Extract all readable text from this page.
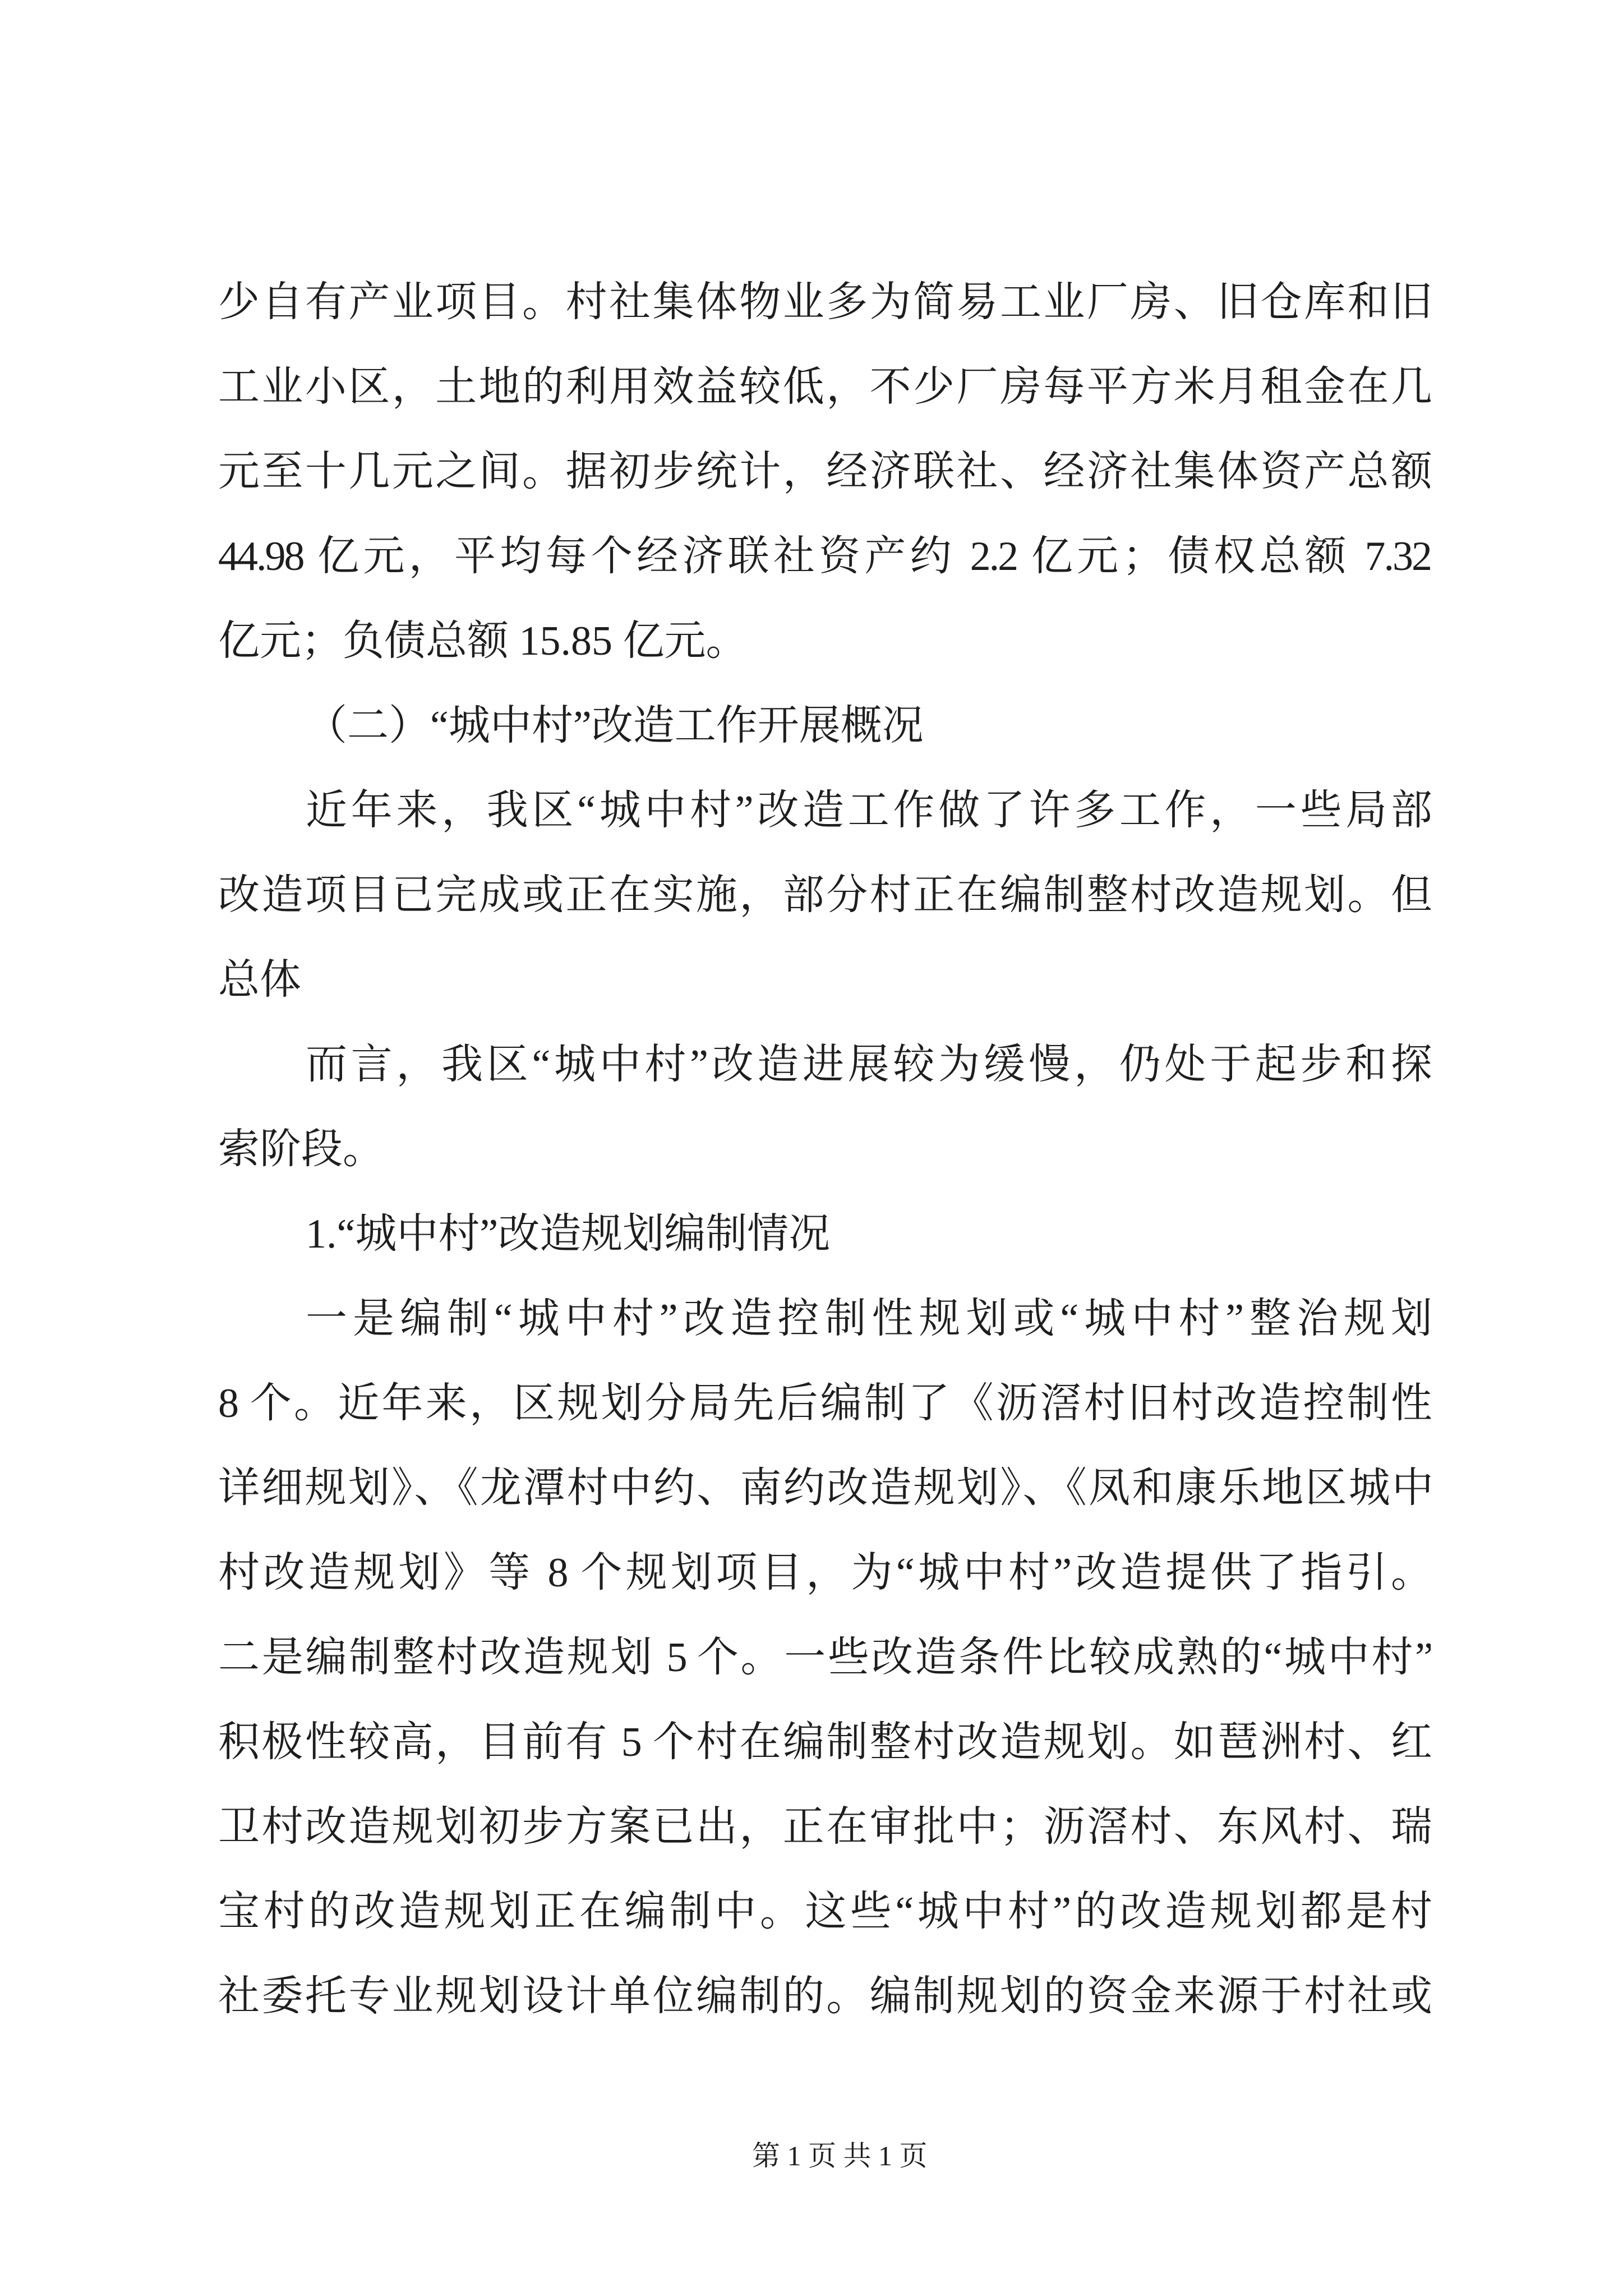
少自有产业项目。村社集体物业多为简易工业厂房、旧仓库和旧
工业小区，土地的利用效益较低，不少厂房每平方米月租金在几
元至十几元之间。据初步统计，经济联社、经济社集体资产总额
44.98 亿元，平均每个经济联社资产约 2.2 亿元；债权总额 7.32
亿元；负债总额 15.85 亿元。
（二）“城中村”改造工作开展概况
近年来，我区“城中村”改造工作做了许多工作，一些局部
改造项目已完成或正在实施，部分村正在编制整村改造规划。但
总体
而言，我区“城中村”改造进展较为缓慢，仍处于起步和探
索阶段。
1.“城中村”改造规划编制情况
一是编制“城中村”改造控制性规划或“城中村”整治规划
8 个。近年来，区规划分局先后编制了《沥滘村旧村改造控制性
详细规划》、《龙潭村中约、南约改造规划》、《凤和康乐地区城中
村改造规划》等 8 个规划项目，为“城中村”改造提供了指引。
二是编制整村改造规划 5 个。一些改造条件比较成熟的“城中村”
积极性较高，目前有 5 个村在编制整村改造规划。如琶洲村、红
卫村改造规划初步方案已出，正在审批中；沥滘村、东风村、瑞
宝村的改造规划正在编制中。这些“城中村”的改造规划都是村
社委托专业规划设计单位编制的。编制规划的资金来源于村社或
第 1 页 共 1 页
